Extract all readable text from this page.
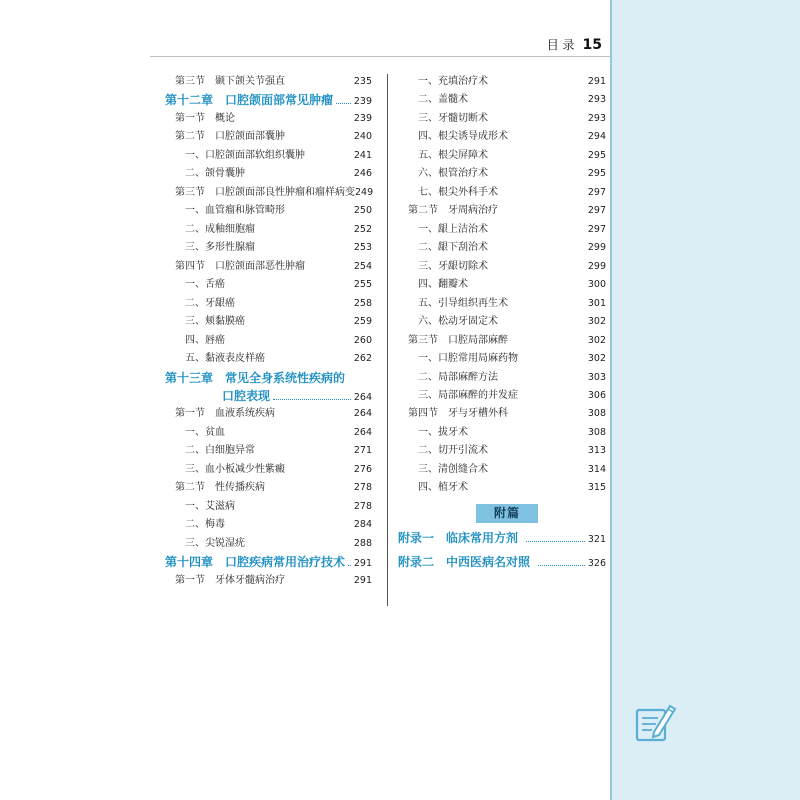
目 录 15
第三节　颞下颌关节强直	235
第十二章　口腔颌面部常见肿瘤 239
第一节　概论	239
第二节　口腔颌面部囊肿	240
一、口腔颌面部软组织囊肿	241
二、颌骨囊肿	246
第三节　口腔颌面部良性肿瘤和瘤样病变 249
一、血管瘤和脉管畸形	250
二、成釉细胞瘤	252
三、多形性腺瘤	253
第四节　口腔颌面部恶性肿瘤	254
一、舌癌	255
二、牙龈癌	258
三、颊黏膜癌	259
四、唇癌	260
五、黏液表皮样癌	262
第十三章　常见全身系统性疾病的
口腔表现	264
第一节　血液系统疾病	264
一、贫血	264
二、白细胞异常	271
三、血小板减少性紫癜	276
第二节　性传播疾病	278
一、艾滋病	278
二、梅毒	284
三、尖锐湿疣	288
第十四章　口腔疾病常用治疗技术 291
第一节　牙体牙髓病治疗	291
一、充填治疗术	291
二、盖髓术	293
三、牙髓切断术	293
四、根尖诱导成形术	294
五、根尖屏障术	295
六、根管治疗术	295
七、根尖外科手术	297
第二节　牙周病治疗	297
一、龈上洁治术	297
二、龈下刮治术	299
三、牙龈切除术	299
四、翻瓣术	300
五、引导组织再生术	301
六、松动牙固定术	302
第三节　口腔局部麻醉	302
一、口腔常用局麻药物	302
二、局部麻醉方法	303
三、局部麻醉的并发症	306
第四节　牙与牙槽外科	308
一、拔牙术	308
二、切开引流术	313
三、清创缝合术	314
四、植牙术	315
附篇
附录一　临床常用方剂	321
附录二　中西医病名对照	326
